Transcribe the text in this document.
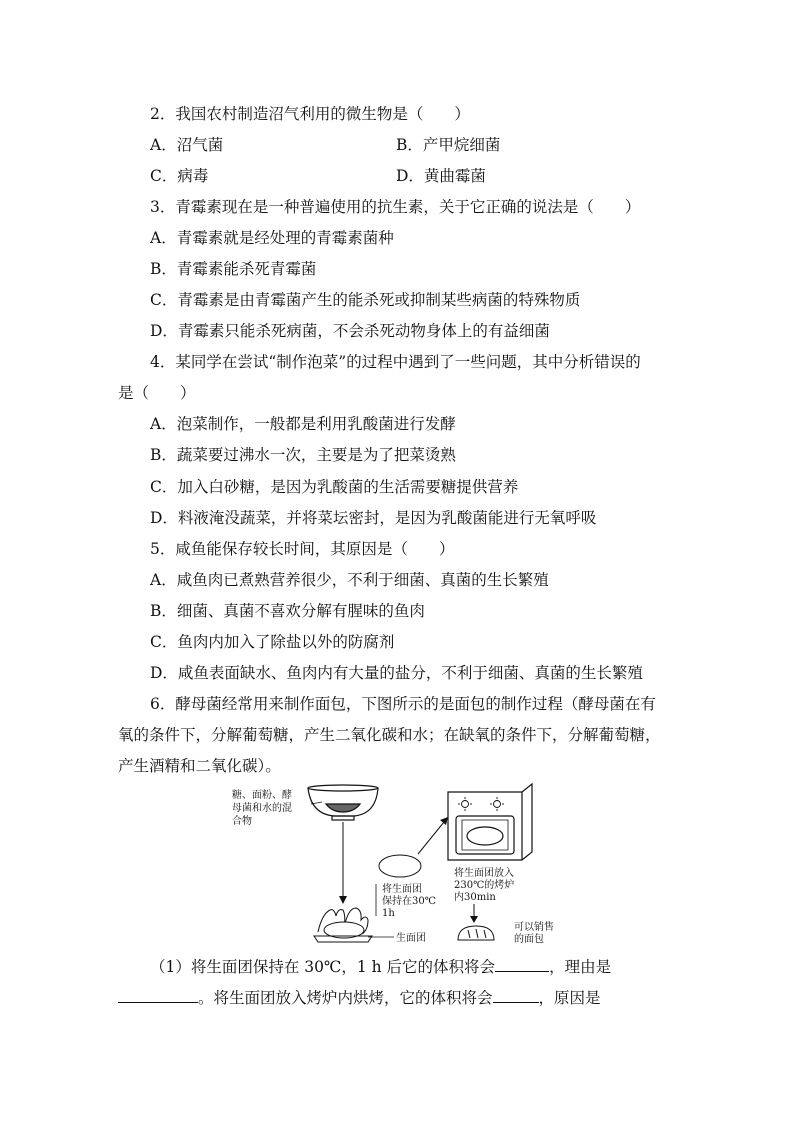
2．我国农村制造沼气利用的微生物是（　　）
A．沼气菌	B．产甲烷细菌
C．病毒	D．黄曲霉菌
3．青霉素现在是一种普遍使用的抗生素，关于它正确的说法是（　　）
A．青霉素就是经处理的青霉素菌种
B．青霉素能杀死青霉菌
C．青霉素是由青霉菌产生的能杀死或抑制某些病菌的特殊物质
D．青霉素只能杀死病菌，不会杀死动物身体上的有益细菌
4．某同学在尝试“制作泡菜”的过程中遇到了一些问题，其中分析错误的
是（　　）
A．泡菜制作，一般都是利用乳酸菌进行发酵
B．蔬菜要过沸水一次，主要是为了把菜烫熟
C．加入白砂糖，是因为乳酸菌的生活需要糖提供营养
D．料液淹没蔬菜，并将菜坛密封，是因为乳酸菌能进行无氧呼吸
5．咸鱼能保存较长时间，其原因是（　　）
A．咸鱼肉已煮熟营养很少，不利于细菌、真菌的生长繁殖
B．细菌、真菌不喜欢分解有腥味的鱼肉
C．鱼肉内加入了除盐以外的防腐剂
D．咸鱼表面缺水、鱼肉内有大量的盐分，不利于细菌、真菌的生长繁殖
6．酵母菌经常用来制作面包，下图所示的是面包的制作过程（酵母菌在有
氧的条件下，分解葡萄糖，产生二氧化碳和水；在缺氧的条件下，分解葡萄糖，
产生酒精和二氧化碳）。
糖、面粉、酵
母菌和水的混
合物
生面团
将生面团
保持在30℃
1h
将生面团放入
230℃的烤炉
内30min
可以销售
的面包
（1）将生面团保持在 30℃，1 h 后它的体积将会	，理由是
。将生面团放入烤炉内烘烤，它的体积将会	，原因是
